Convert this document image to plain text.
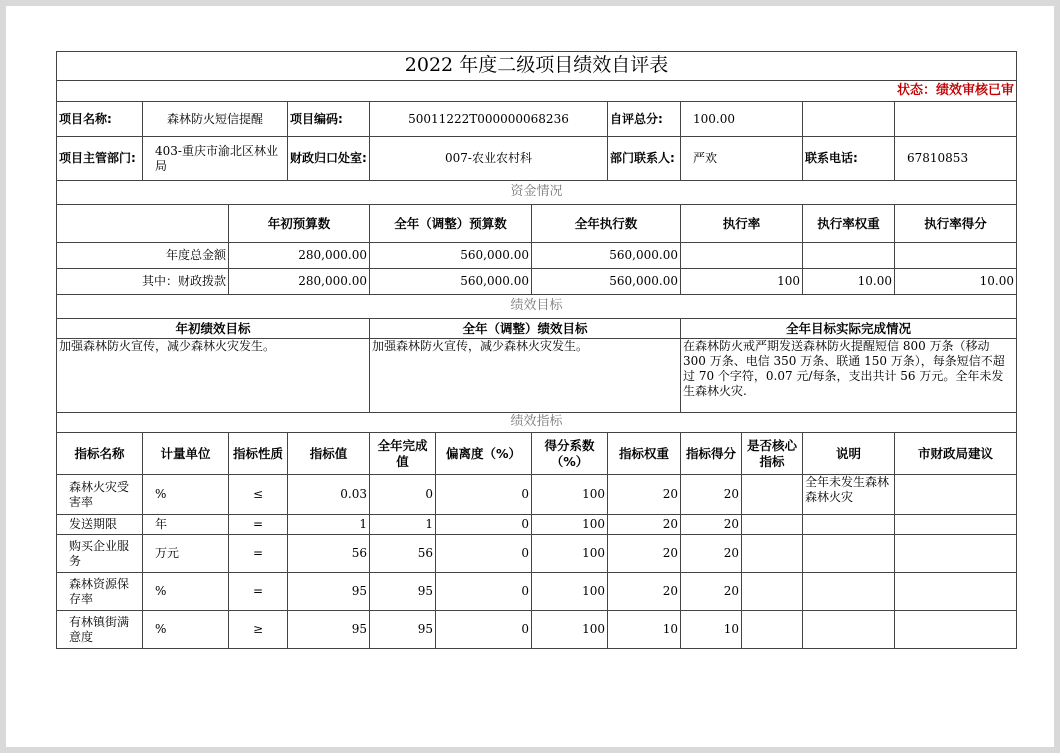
2022 年度二级项目绩效自评表											
状态：绩效审核已审											
项目名称:	森林防火短信提醒		项目编码:	50011222T000000068236			自评总分:	100.00			
项目主管部门:	403-重庆市渝北区林业局		财政归口处室:	007-农业农村科			部门联系人:	严欢		联系电话:	67810853
资金情况											
		年初预算数		全年（调整）预算数		全年执行数		执行率		执行率权重	执行率得分
年度总金额		280,000.00		560,000.00		560,000.00					
其中：财政拨款		280,000.00		560,000.00		560,000.00		100		10.00	10.00
绩效目标											
年初绩效目标				全年（调整）绩效目标				全年目标实际完成情况			
加强森林防火宣传，减少森林火灾发生。				加强森林防火宣传，减少森林火灾发生。				在森林防火戒严期发送森林防火提醒短信 800 万条（移动 300 万条、电信 350 万条、联通 150 万条），每条短信不超过 70 个字符，0.07 元/每条，支出共计 56 万元。全年未发生森林火灾.			
绩效指标											
指标名称	计量单位	指标性质	指标值	全年完成值	偏离度（%）	得分系数（%）	指标权重	指标得分	是否核心指标	说明	市财政局建议
森林火灾受害率	%	≤	0.03	0	0	100	20	20		全年未发生森林森林火灾	
发送期限	年	=	1	1	0	100	20	20			
购买企业服务	万元	=	56	56	0	100	20	20			
森林资源保存率	%	=	95	95	0	100	20	20			
有林镇街满意度	%	≥	95	95	0	100	10	10			
